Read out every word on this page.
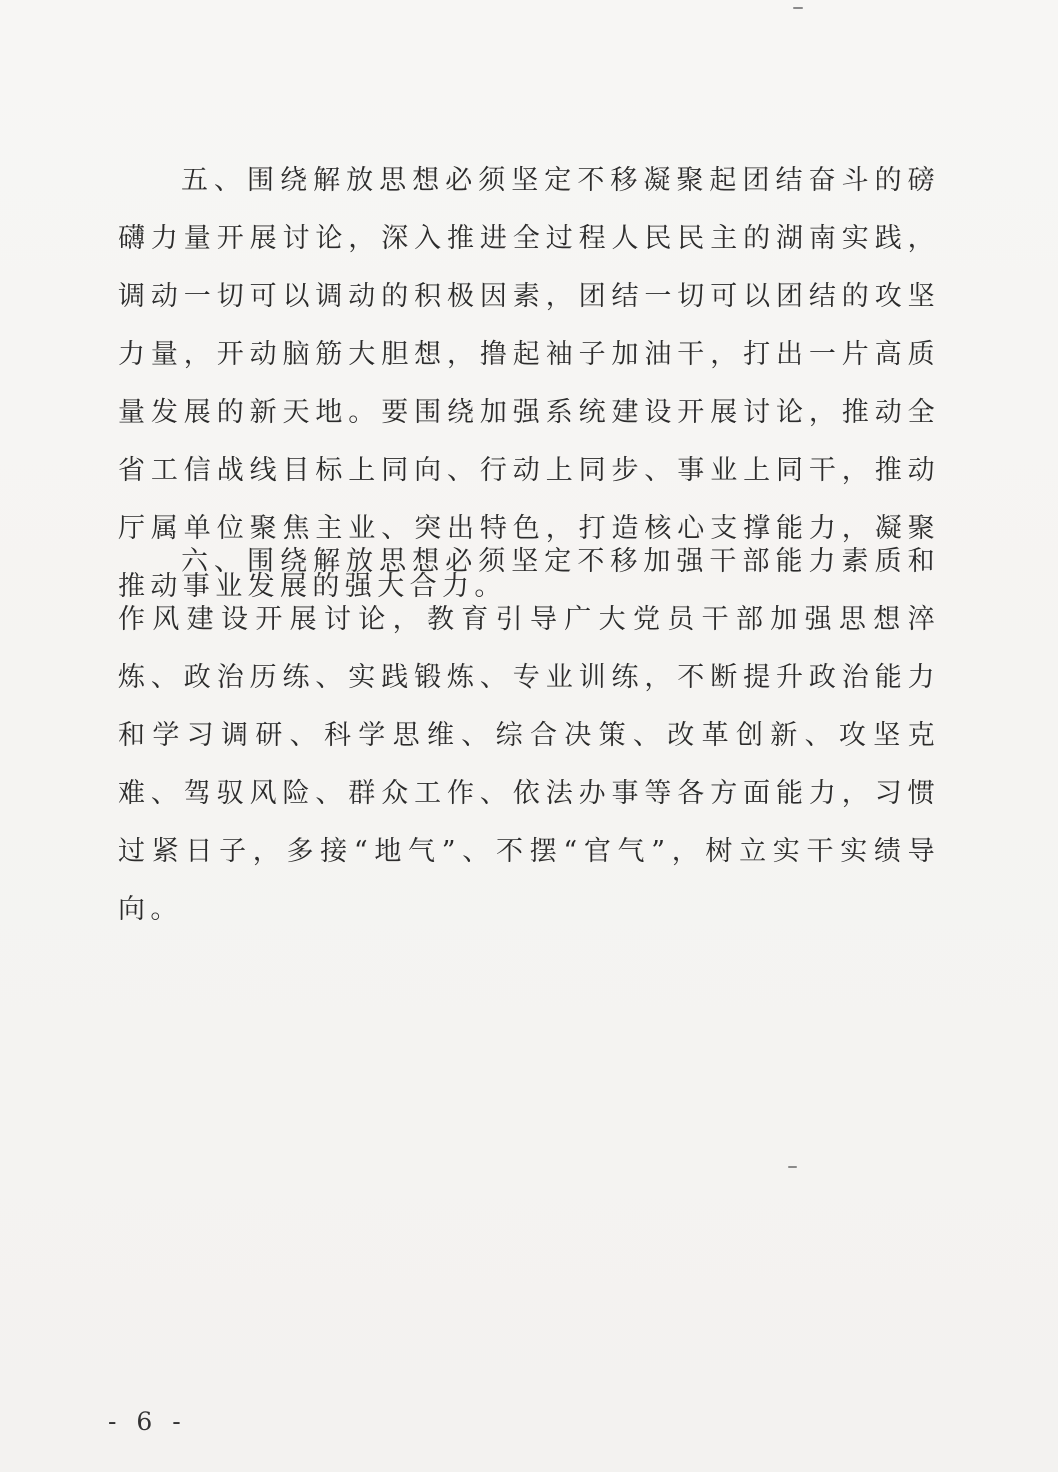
五、围绕解放思想必须坚定不移凝聚起团结奋斗的磅礴力量开展讨论，深入推进全过程人民民主的湖南实践，调动一切可以调动的积极因素，团结一切可以团结的攻坚力量，开动脑筋大胆想，撸起袖子加油干，打出一片高质量发展的新天地。要围绕加强系统建设开展讨论，推动全省工信战线目标上同向、行动上同步、事业上同干，推动厅属单位聚焦主业、突出特色，打造核心支撑能力，凝聚推动事业发展的强大合力。

六、围绕解放思想必须坚定不移加强干部能力素质和作风建设开展讨论，教育引导广大党员干部加强思想淬炼、政治历练、实践锻炼、专业训练，不断提升政治能力和学习调研、科学思维、综合决策、改革创新、攻坚克难、驾驭风险、群众工作、依法办事等各方面能力，习惯过紧日子，多接“地气”、不摆“官气”，树立实干实绩导向。

- 6 -
